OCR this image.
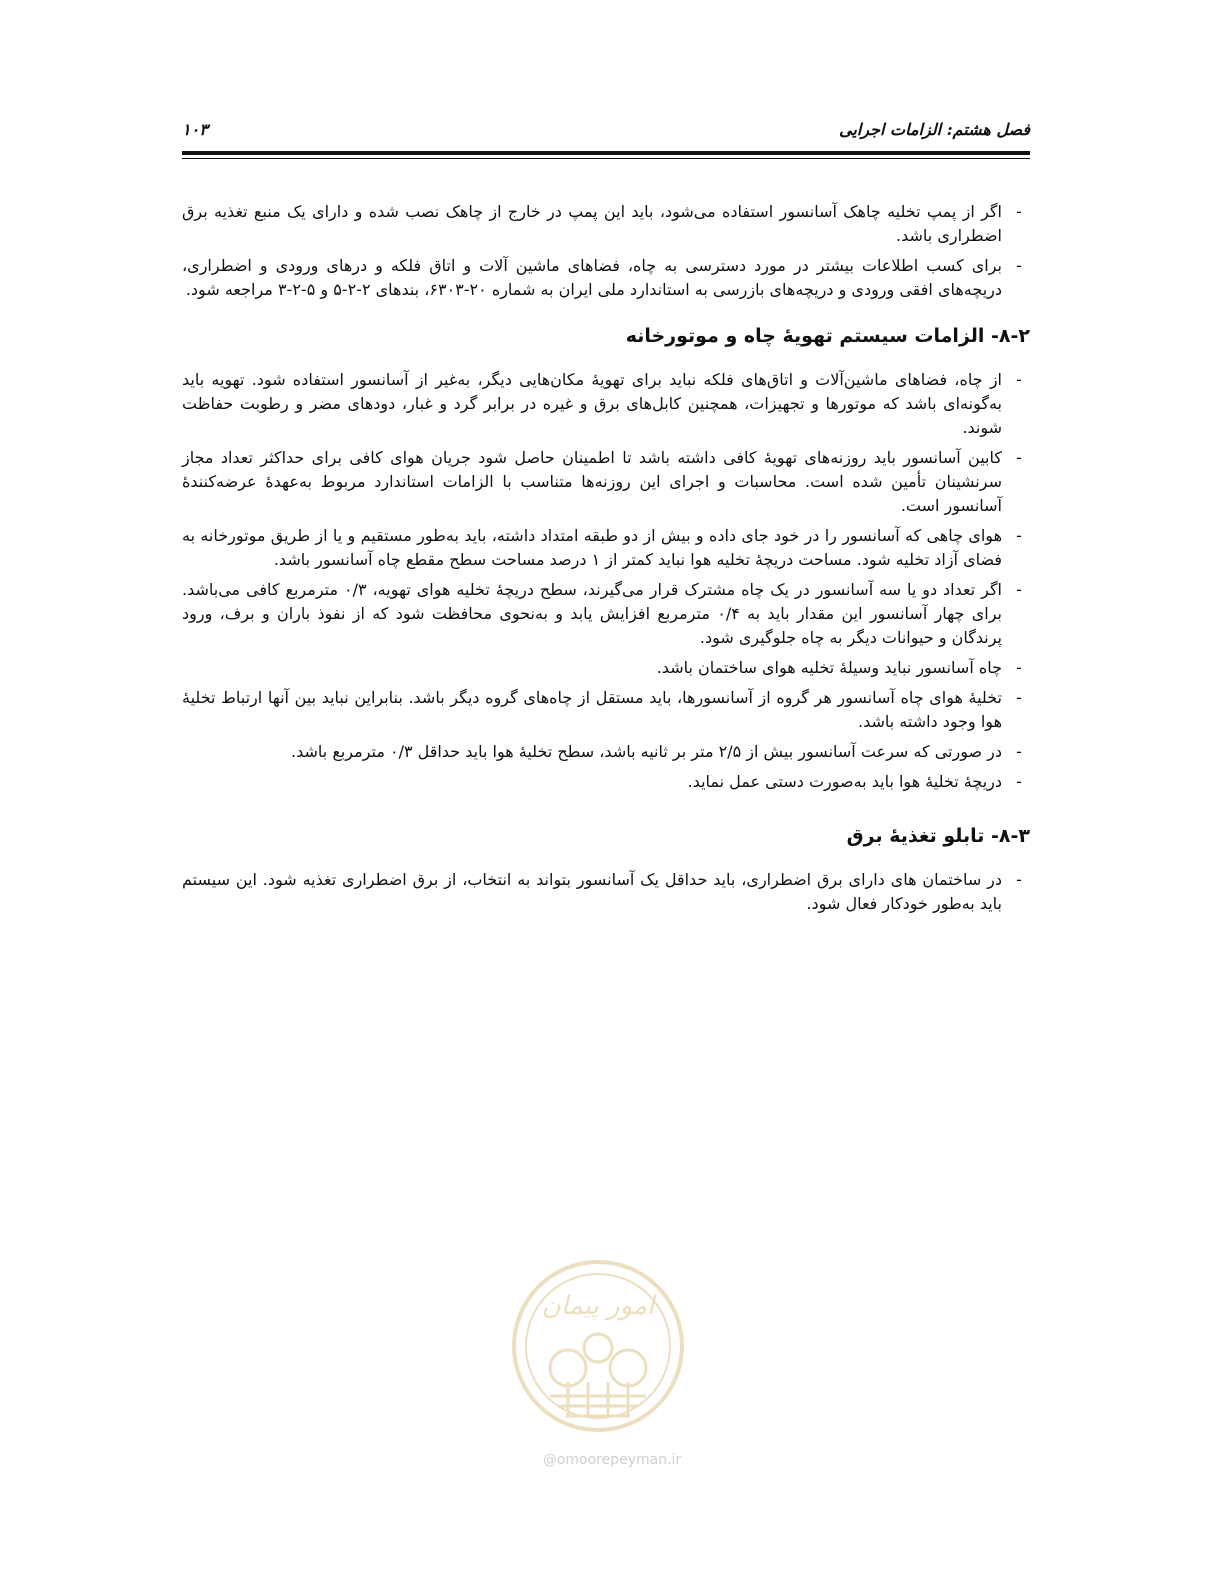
فصل هشتم: الزامات اجرایی
۱۰۳
-
اگر از پمپ تخلیه چاهک آسانسور استفاده می‌شود، باید این پمپ در خارج از چاهک نصب شده و دارای یک منبع تغذیه برق اضطراری باشد.
-
برای کسب اطلاعات بیشتر در مورد دسترسی به چاه، فضاهای ماشین آلات و اتاق فلکه و درهای ورودی و اضطراری، دریچه‌های افقی ورودی و دریچه‌های بازرسی به استاندارد ملی ایران به شماره ۲۰-۶۳۰۳، بندهای ۲-۲-۵ و ۵-۲-۳ مراجعه شود.
۸-۲- الزامات سیستم تهویهٔ چاه و موتورخانه
-
از چاه، فضاهای ماشین‌آلات و اتاق‌های فلکه نباید برای تهویهٔ مکان‌هایی دیگر، به‌غیر از آسانسور استفاده شود. تهویه باید به‌گونه‌ای باشد که موتورها و تجهیزات، همچنین کابل‌های برق و غیره در برابر گرد و غبار، دودهای مضر و رطوبت حفاظت شوند.
-
کابین آسانسور باید روزنه‌های تهویهٔ کافی داشته باشد تا اطمینان حاصل شود جریان هوای کافی برای حداکثر تعداد مجاز سرنشینان تأمین شده است. محاسبات و اجرای این روزنه‌ها متناسب با الزامات استاندارد مربوط به‌عهدهٔ عرضه‌کنندهٔ آسانسور است.
-
هوای چاهی که آسانسور را در خود جای داده و بیش از دو طبقه امتداد داشته، باید به‌طور مستقیم و یا از طریق موتورخانه به فضای آزاد تخلیه شود. مساحت دریچهٔ تخلیه هوا نباید کمتر از ۱ درصد مساحت سطح مقطع چاه آسانسور باشد.
-
اگر تعداد دو یا سه آسانسور در یک چاه مشترک قرار می‌گیرند، سطح دریچهٔ تخلیه هوای تهویه، ۰/۳ مترمربع کافی می‌باشد. برای چهار آسانسور این مقدار باید به ۰/۴ مترمربع افزایش یابد و به‌نحوی محافظت شود که از نفوذ باران و برف، ورود پرندگان و حیوانات دیگر به چاه جلوگیری شود.
-
چاه آسانسور نباید وسیلهٔ تخلیه هوای ساختمان باشد.
-
تخلیهٔ هوای چاه آسانسور هر گروه از آسانسورها، باید مستقل از چاه‌های گروه دیگر باشد. بنابراین نباید بین آنها ارتباط تخلیهٔ هوا وجود داشته باشد.
-
در صورتی که سرعت آسانسور بیش از ۲/۵ متر بر ثانیه باشد، سطح تخلیهٔ هوا باید حداقل ۰/۳ مترمربع باشد.
-
دریچهٔ تخلیهٔ هوا باید به‌صورت دستی عمل نماید.
۸-۳- تابلو تغذیهٔ برق
-
در ساختمان های دارای برق اضطراری، باید حداقل یک آسانسور بتواند به انتخاب، از برق اضطراری تغذیه شود. این سیستم باید به‌طور خودکار فعال شود.
امور پیمان
@omoorepeyman.ir
